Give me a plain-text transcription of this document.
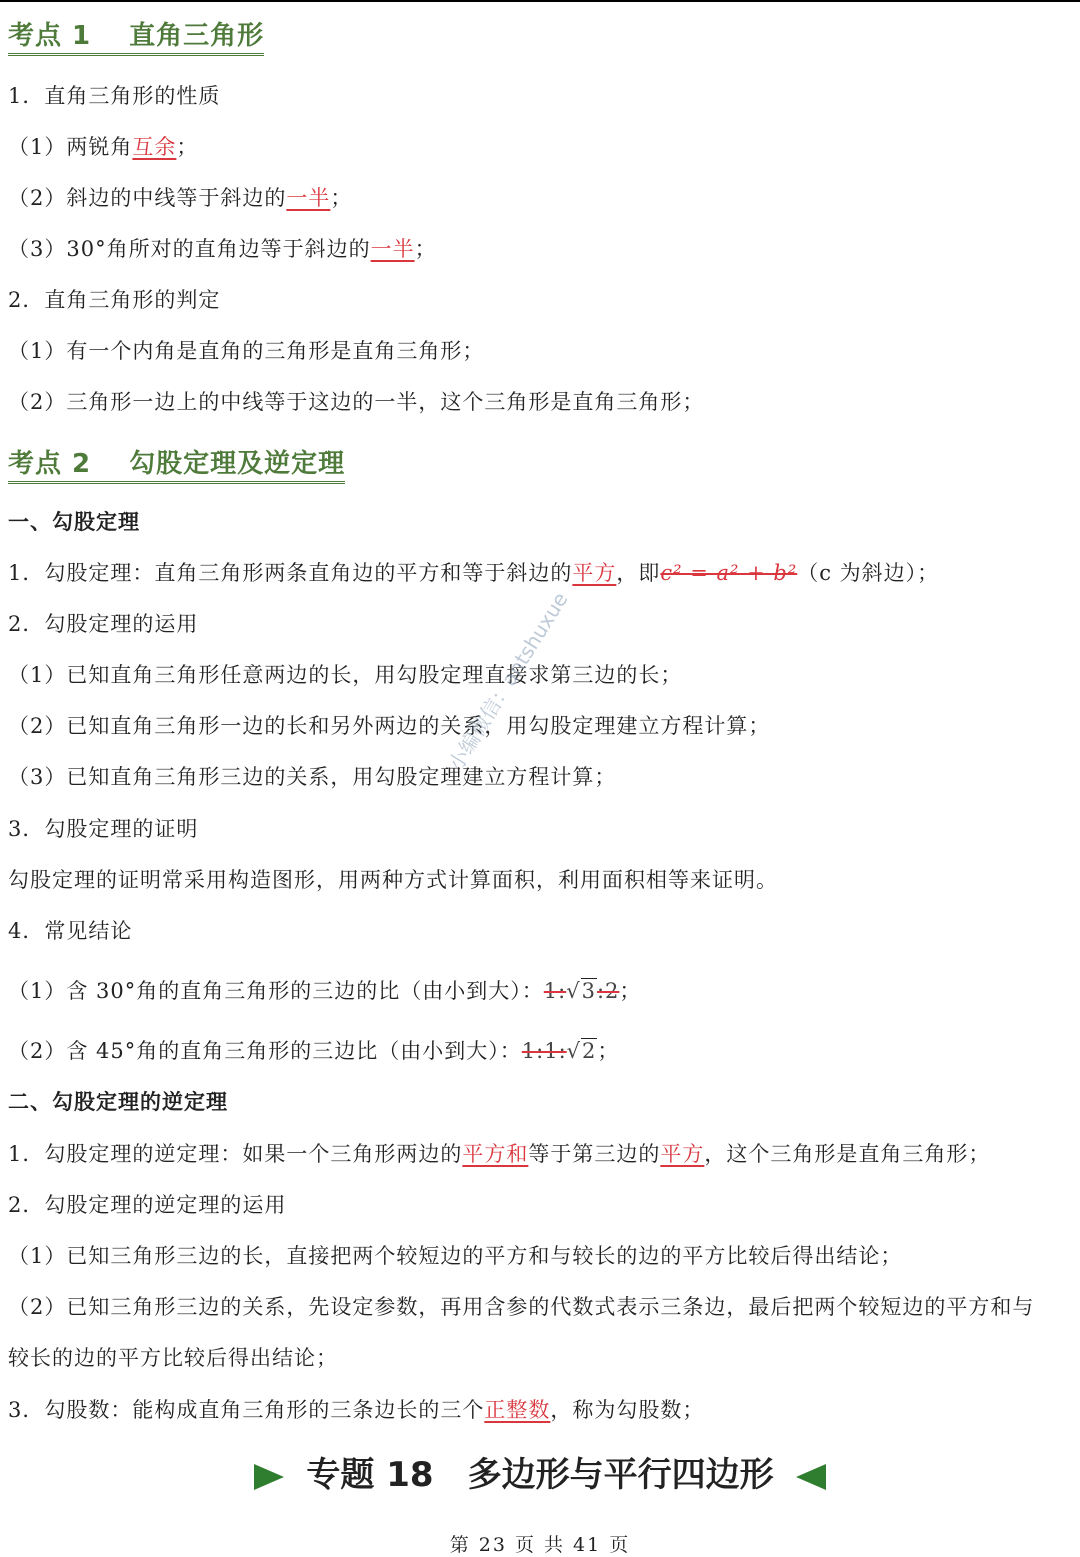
考点 1 直角三角形
1．直角三角形的性质
（1）两锐角互余；
（2）斜边的中线等于斜边的一半；
（3）30°角所对的直角边等于斜边的一半；
2．直角三角形的判定
（1）有一个内角是直角的三角形是直角三角形；
（2）三角形一边上的中线等于这边的一半，这个三角形是直角三角形；
考点 2 勾股定理及逆定理
一、勾股定理
1．勾股定理：直角三角形两条直角边的平方和等于斜边的平方，即c² = a² + b²（c 为斜边）；
2．勾股定理的运用
（1）已知直角三角形任意两边的长，用勾股定理直接求第三边的长；
（2）已知直角三角形一边的长和另外两边的关系，用勾股定理建立方程计算；
（3）已知直角三角形三边的关系，用勾股定理建立方程计算；
3．勾股定理的证明
勾股定理的证明常采用构造图形，用两种方式计算面积，利用面积相等来证明。
4．常见结论
（1）含 30°角的直角三角形的三边的比（由小到大）：1:√3:2；
（2）含 45°角的直角三角形的三边比（由小到大）：1:1:√2；
二、勾股定理的逆定理
1．勾股定理的逆定理：如果一个三角形两边的平方和等于第三边的平方，这个三角形是直角三角形；
2．勾股定理的逆定理的运用
（1）已知三角形三边的长，直接把两个较短边的平方和与较长的边的平方比较后得出结论；
（2）已知三角形三边的关系，先设定参数，再用含参的代数式表示三条边，最后把两个较短边的平方和与
较长的边的平方比较后得出结论；
3．勾股数：能构成直角三角形的三条边长的三个正整数，称为勾股数；
小编微信：antshuxue
专题 18 多边形与平行四边形
第 23 页 共 41 页
